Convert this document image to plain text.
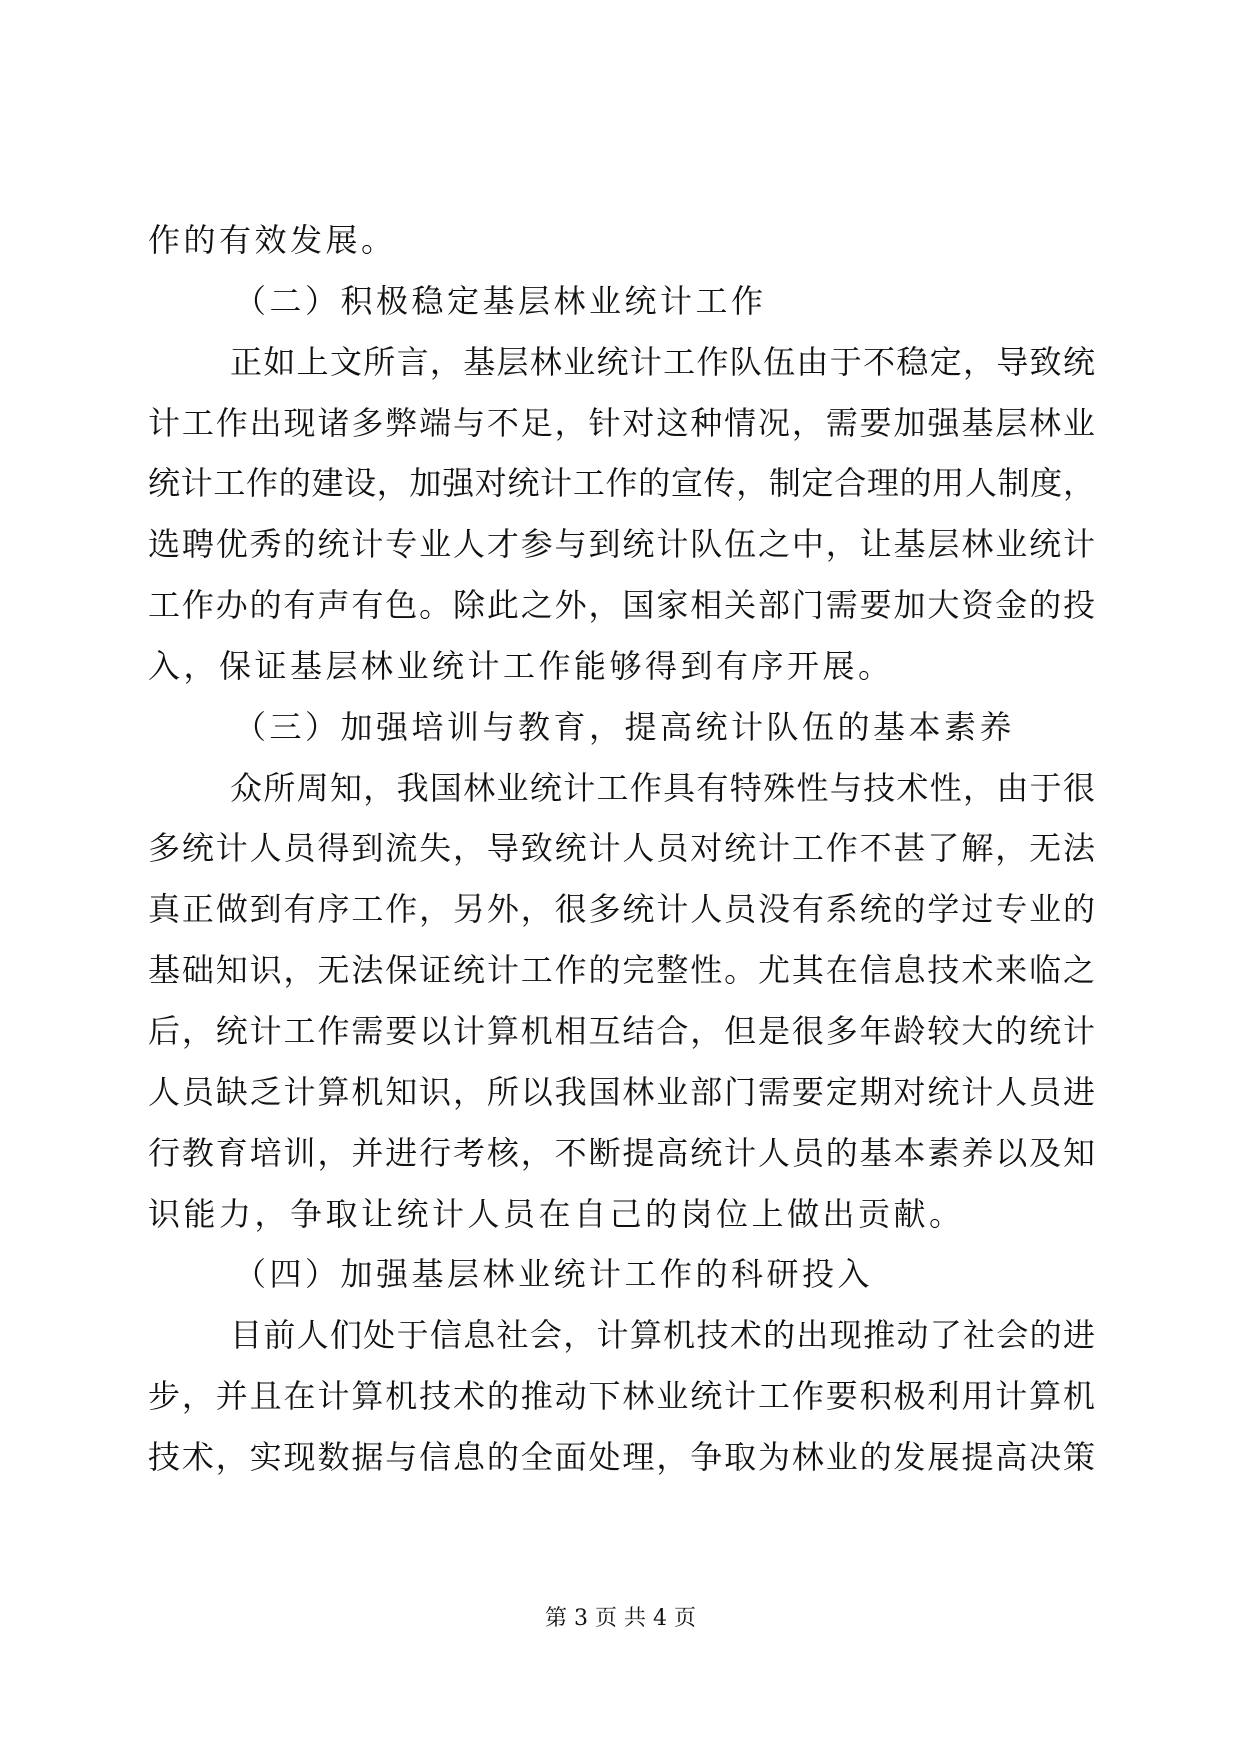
作的有效发展。
（二）积极稳定基层林业统计工作
正如上文所言，基层林业统计工作队伍由于不稳定，导致统
计工作出现诸多弊端与不足，针对这种情况，需要加强基层林业
统计工作的建设，加强对统计工作的宣传，制定合理的用人制度，
选聘优秀的统计专业人才参与到统计队伍之中，让基层林业统计
工作办的有声有色。除此之外，国家相关部门需要加大资金的投
入，保证基层林业统计工作能够得到有序开展。
（三）加强培训与教育，提高统计队伍的基本素养
众所周知，我国林业统计工作具有特殊性与技术性，由于很
多统计人员得到流失，导致统计人员对统计工作不甚了解，无法
真正做到有序工作，另外，很多统计人员没有系统的学过专业的
基础知识，无法保证统计工作的完整性。尤其在信息技术来临之
后，统计工作需要以计算机相互结合，但是很多年龄较大的统计
人员缺乏计算机知识，所以我国林业部门需要定期对统计人员进
行教育培训，并进行考核，不断提高统计人员的基本素养以及知
识能力，争取让统计人员在自己的岗位上做出贡献。
（四）加强基层林业统计工作的科研投入
目前人们处于信息社会，计算机技术的出现推动了社会的进
步，并且在计算机技术的推动下林业统计工作要积极利用计算机
技术，实现数据与信息的全面处理，争取为林业的发展提高决策
第 3 页 共 4 页
